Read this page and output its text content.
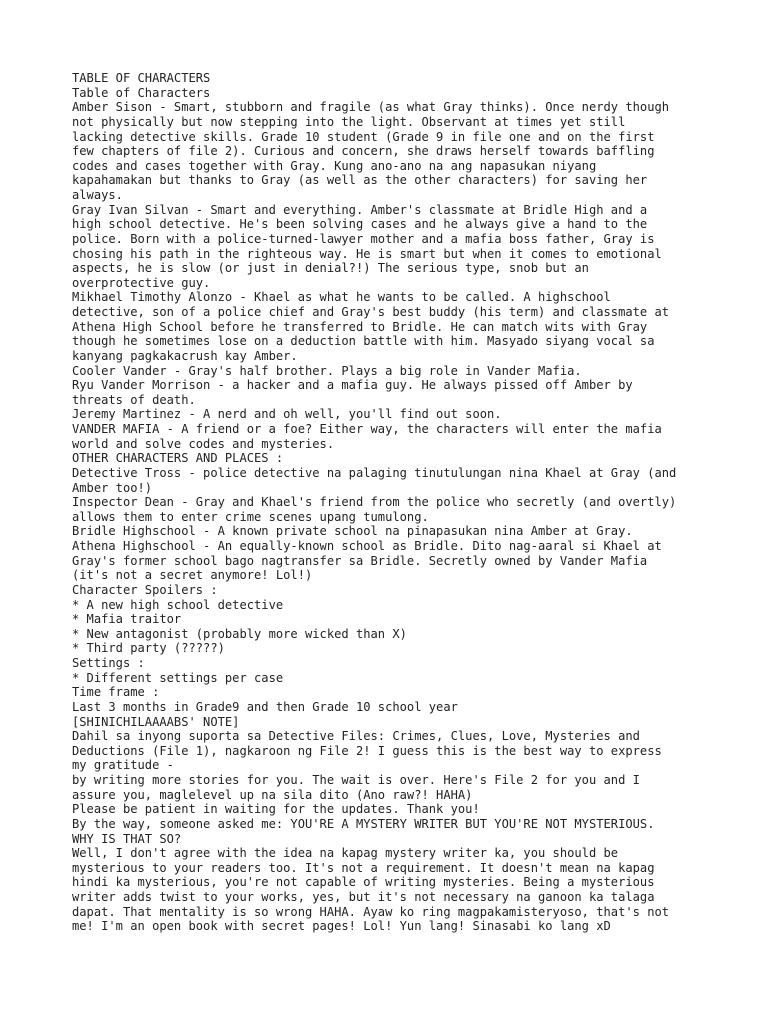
TABLE OF CHARACTERS

Table of Characters

Amber Sison - Smart, stubborn and fragile (as what Gray thinks). Once nerdy though
not physically but now stepping into the light. Observant at times yet still
lacking detective skills. Grade 10 student (Grade 9 in file one and on the first
few chapters of file 2). Curious and concern, she draws herself towards baffling
codes and cases together with Gray. Kung ano-ano na ang napasukan niyang
kapahamakan but thanks to Gray (as well as the other characters) for saving her
always.

Gray Ivan Silvan - Smart and everything. Amber's classmate at Bridle High and a
high school detective. He's been solving cases and he always give a hand to the
police. Born with a police-turned-lawyer mother and a mafia boss father, Gray is
chosing his path in the righteous way. He is smart but when it comes to emotional
aspects, he is slow (or just in denial?!) The serious type, snob but an
overprotective guy.

Mikhael Timothy Alonzo - Khael as what he wants to be called. A highschool
detective, son of a police chief and Gray's best buddy (his term) and classmate at
Athena High School before he transferred to Bridle. He can match wits with Gray
though he sometimes lose on a deduction battle with him. Masyado siyang vocal sa
kanyang pagkakacrush kay Amber.

Cooler Vander - Gray's half brother. Plays a big role in Vander Mafia.

Ryu Vander Morrison - a hacker and a mafia guy. He always pissed off Amber by
threats of death.

Jeremy Martinez - A nerd and oh well, you'll find out soon.

VANDER MAFIA - A friend or a foe? Either way, the characters will enter the mafia
world and solve codes and mysteries.

OTHER CHARACTERS AND PLACES :

Detective Tross - police detective na palaging tinutulungan nina Khael at Gray (and
Amber too!)

Inspector Dean - Gray and Khael's friend from the police who secretly (and overtly)
allows them to enter crime scenes upang tumulong.

Bridle Highschool - A known private school na pinapasukan nina Amber at Gray.

Athena Highschool - An equally-known school as Bridle. Dito nag-aaral si Khael at
Gray's former school bago nagtransfer sa Bridle. Secretly owned by Vander Mafia
(it's not a secret anymore! Lol!)

Character Spoilers :

* A new high school detective

* Mafia traitor

* New antagonist (probably more wicked than X)

* Third party (?????)

Settings :

* Different settings per case

Time frame :

Last 3 months in Grade9 and then Grade 10 school year

[SHINICHILAAAABS' NOTE]

Dahil sa inyong suporta sa Detective Files: Crimes, Clues, Love, Mysteries and
Deductions (File 1), nagkaroon ng File 2! I guess this is the best way to express
my gratitude -

by writing more stories for you. The wait is over. Here's File 2 for you and I
assure you, maglelevel up na sila dito (Ano raw?! HAHA)

Please be patient in waiting for the updates. Thank you!

By the way, someone asked me: YOU'RE A MYSTERY WRITER BUT YOU'RE NOT MYSTERIOUS.
WHY IS THAT SO?

Well, I don't agree with the idea na kapag mystery writer ka, you should be
mysterious to your readers too. It's not a requirement. It doesn't mean na kapag
hindi ka mysterious, you're not capable of writing mysteries. Being a mysterious
writer adds twist to your works, yes, but it's not necessary na ganoon ka talaga
dapat. That mentality is so wrong HAHA. Ayaw ko ring magpakamisteryoso, that's not
me! I'm an open book with secret pages! Lol! Yun lang! Sinasabi ko lang xD
